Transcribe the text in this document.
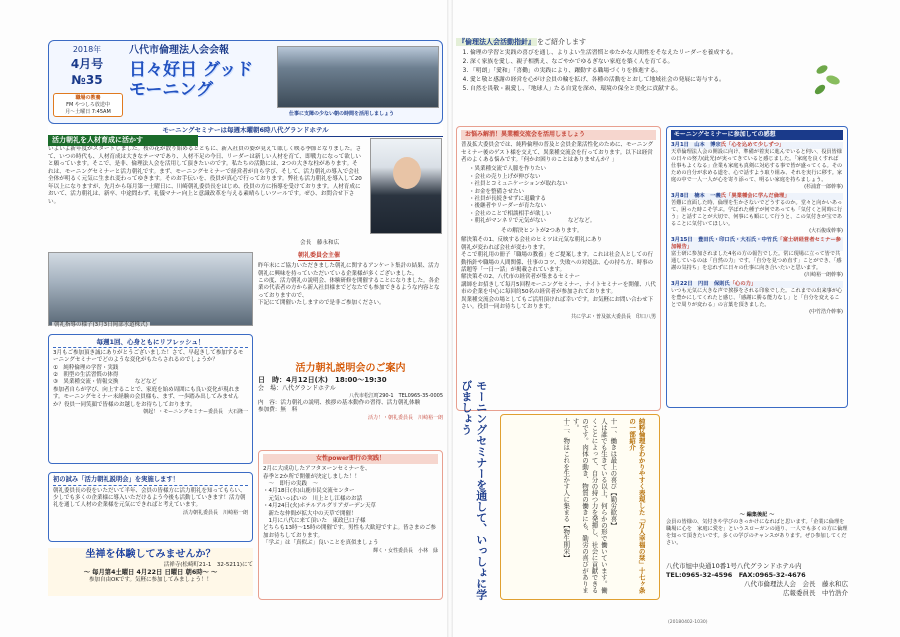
2018年
4月号
№35
職場の教養
FM やつしろ放送中
月～土曜日 7:45AM
八代市倫理法人会会報
日々好日 グッドモーニング
仕事に支障の少ない朝の時間を活用しましょう
モーニングセミナーは毎週木曜朝6時八代グランドホテル
活力朝礼を人材育成に活かす
いよいよ新年度がスタートしました。桜の花が散り始めるとともに、新入社員の姿が見えて眩しく映る季節となりました。さて、いつの時代も、人材育成は大きなテーマであり、人材不足の今日、リーダーは新しい人材を育て、即戦力になって欲しいと願っています。そこで、是非、倫理法人会を活用して頂きたいのです。私たちの活動には、2つの大きな柱があります。それは、モーニングセミナーと活力朝礼です。まず、モーニングセミナーで経営者が自ら学び、そして、活力朝礼の導入で会社全体が明るく元気に生まれ変わってゆきます。そのお手伝いを、役員が真心で行っております。弊社も活力朝礼を導入して20年以上になりますが、先月から毎月第一土曜日に、川崎朝礼委員長をはじめ、役員の方に指導を受けております。人材育成において、活力朝礼は、新卒、中途問わず、礼儀マナー向上と意識改革を与える素晴らしいツールです。ぜひ、お問合せ下さい。
会長　藤永和広
朝礼指導の様子(3月3日岡部水道株式)
毎週1回、心身ともにリフレッシュ！
3月もご参加頂き誠にありがとうございました！さて、早起きして参加するモーニングセミナーでどのような変化がもたらされるのでしょうか？
①　純粋倫理の学習・実践
②　朝型の生活習慣の体得
③　異業種交流・情報交換　　　などなど
参加者自らが学び、向上することで、家庭を始め周囲にも良い変化が現れます。モーニングセミナー未経験の会員様も、まず、一歩踏み出してみませんか？役員一同笑顔で皆様のお越しをお待ちしております。
朝起！・モーニングセミナー委員長　大石隆一
初の試み「活力朝礼説明会」を実施します！
朝礼委員長の役をいただいて半年、会員の皆様方に活力朝礼を知ってもらい、少しでも多くの企業様に導入いただけるよう今後も活動していきます！活力朝礼を通して人材の企業様を元気にできればと考えています。
活力朝礼委員長　川崎裕一朗
坐禅を体験してみませんか？
活禅寺(松崎町21-1　32-5211)にて
〜 毎月第4土曜日 4月22日 日曜日 朝6時〜 〜
参加自由OKです。気軽に参加してみましょう！！
朝礼委員会主催
昨年末にご協力いただきました朝礼に関するアンケート集計の結果、活力朝礼に興味を持っていただいている企業様が多くございました。
この度、活力朝礼の説明会、体験研修を開催することになりました。各企業の代表者の方から新入社員様までどなたでも参加できるような内容となっておりますので、
下記にて開催いたしますので是非ご参加ください。
活力朝礼説明会のご案内
日　時：4月12日(木)　18:00〜19:30
会　場：八代グランドホテル
八代市松江町290-1　TEL0965-35-0005
内　容：活力朝礼の説明、挨拶の基本動作の習得、活力朝礼体験
参加費：無　料
活力！・朝礼委員長　川崎裕一朗
女性power即行の実践！
2月に大成功したアフタヌーンセミナーを、
春季と2か所で開催が決定しました！！
　〜　即行の実践　〜
・4月18日(水)山鹿市民交流センター
　元気いっぱいの　川上とし江様のお話
・4月24日(火)ホテルアルグリアガーデン天草
　新たな仲間が拡大中の天草で開催！
　1月に八代に来て頂いた　東政巳口子様
どちらも13時〜15時の開催です。男性も大歓迎ですよ。皆さまのご参加お待ちしております。
「学ぶ」は「真似ぶ」良いことを真似ましょう
輝く・女性委員長　小林　緑
『倫理法人会活動指針』 をご紹介します
1. 倫理の学習と実践の喜びを通し、よりよい生活習慣とゆたかな人間性をそなえたリーダーを養成する。
2. 深く家族を愛し、親子相携え、なごやかでゆるぎない家庭を築く人を育てる。
3. 「明朗」「愛和」「喜働」の実践により、躍動する職場づくりを推進する。
4. 愛と敬と感謝の経営を心がけ会員の輪を拡げ、各種の活動をとおして地域社会の発展に寄与する。
5. 自然を畏敬・親愛し、「地球人」たる自覚を深め、環境の保全と美化に貢献する。
お悩み解消！異業種交流会を活用しましょう
普及拡大委員会では、純粋倫理の普及と会員企業活性化のために、モーニングセミナー後のゲスト様を交えて、異業種交流会を行っております。以下は経営者のよくある悩みです。「何かお困りのことはありませんか？」
・異業種交流で人脈を作りたい
・会社の売り上げが伸びない
・社員とコミュニケーションが取れない
・お金を整備させたい
・社員が長続きせずに退職する
・後継者やリーダーが育たない
・会社のことで相談相手が欲しい
・朝礼がマンネリで元気がない　　　　などなど。
その解決ヒントが2つあります。
解決策その1、反映する会社のヒミツは元気な朝礼にあり
朝礼が変われば会社が変わります。
そこで朝礼用の冊子「職場の教養」をご提案します。これは社会人としての行動指針や職場の人間関係、仕事のコツ、失敗への対処法、心の持ち方、時事の話題等「一日一話」が掲載されています。
解決策その2、八代市の経営者が集まるセミナー
講師をお招きして毎月5回程モーニングセミナー、ナイトセミナーを開催、八代市の企業を中心に毎回約50名の経営者が参加されております。
異業種交流会の場としてもご活用頂ければ幸いです。お気軽にお問い合わせ下さい。役員一同お待ちしております。
共に学ぶ・普及拡大委員長　印口八男
モーニングセミナーに参加しての感想
3月1日　山本　博宗氏「心を込めて少しずつ」
天草倫理法人会の開設に向け、準備が着実に進んでいると伺い、役員皆様の日々の努力(此光)が実ってきていると感じました。「家庭を良くすれば仕事もよくなる」企業も家庭も真剣に対応する事で皆が盛ってくる。そのための自分が求める道を、心で話すよう取り組み、それを実行に移す。家庭の中で一人一人が心を寄り添って、明るい家庭を持ちましょう。
(杉浦倉一郎幹事)
3月8日　楠本　一義氏「異業種会に学んだ倫理」
苦難に直面した時、倫理を生かさないでどうするのか。堂々と向かいあって、困った時こそ学ぶ。学ばれた種子が何であっても「気付くと同時に行う」と話すことが大切で、何事にも順にして行うと、この気付きが宝であることに気付いてほしい。
(大石俊成幹事)
3月15日　豊田氏・印口氏・大石氏・中竹氏「富士研経営者セミナー参加報告」
富士研に参加されました4名の方の報告でした。常に現場に立って皆で共通しているのは「自然の力」です。「自分を見つめ直す」ことができ、「感謝の気持ち」を忘れずに日々の仕事に向き合いたいと思います。
(川崎裕一朗幹事)
3月22日　円田　保則氏「心の力」
いつも元気に大きな声で挨拶をされる印象でした。これまでの出来事が心を豊かにしてくれたと感じ、「感謝に勝る能力なし」と「自分を変えることで周りが変わる」の言葉を頂きました。
(中竹浩介幹事)
モーニングセミナーを通して、いっしょに学びましょう

純粋倫理をわかりやすく表現した「万人幸福の栞」十七ヶ条の一部紹介

十一、働きは最上の喜び【勤労歓喜】
人は誰でも生きている以上、何らかの形で働いています。働くことによって、自分の持つ力を発揮し、社会に貢献できるのです。肉体の動き、物質の働きにも、勤労の喜びがあります。
十二、物はこれを生かす人に集まる【物生則栄】	〜 編集後記 〜
会員の皆様の、気付きや学びのきっかけになればと思います。「企業に倫理を　職場に心を　家庭に愛を」というスローガンの通り、一人でも多くの方に倫理を知って頂きたいです。多くの学びのチャンスがあります。ぜひ参加してください。
八代市旭中央通10番1号八代グランドホテル内
TEL:0965-32-4596　FAX:0965-32-4676
八代市倫理法人会　会長　藤永和広
広報委員長　中竹浩介
(20180402-1030)
